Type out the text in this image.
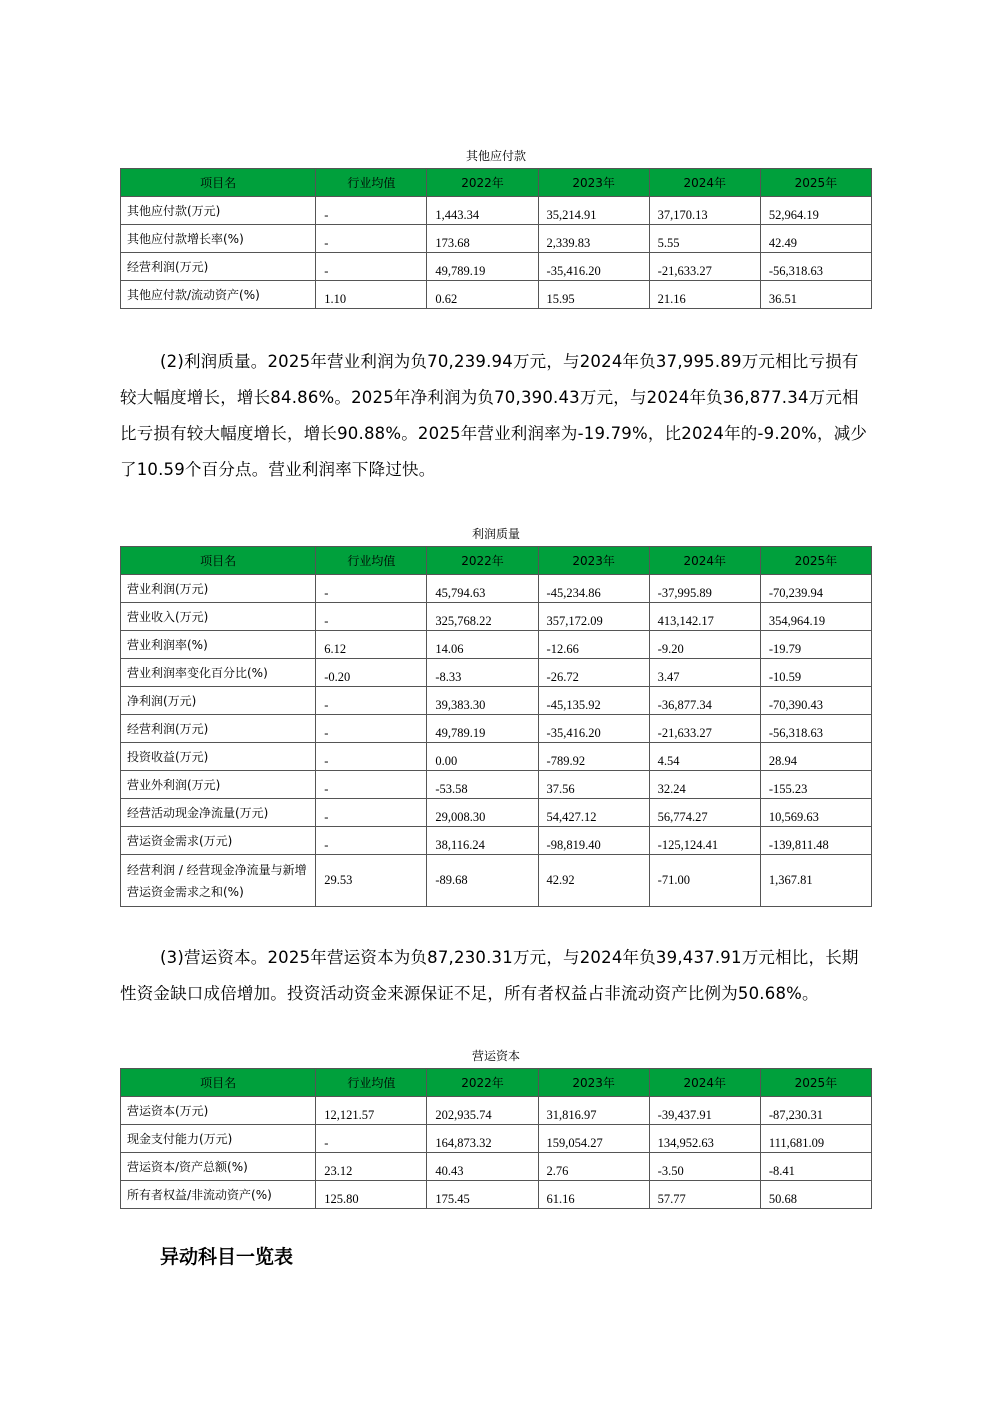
其他应付款
项目名	行业均值	2022年	2023年	2024年	2025年
其他应付款(万元)	-	1,443.34	35,214.91	37,170.13	52,964.19
其他应付款增长率(%)	-	173.68	2,339.83	5.55	42.49
经营利润(万元)	-	49,789.19	-35,416.20	-21,633.27	-56,318.63
其他应付款/流动资产(%)	1.10	0.62	15.95	21.16	36.51

(2)利润质量。2025年营业利润为负70,239.94万元，与2024年负37,995.89万元相比亏损有较大幅度增长，增长84.86%。2025年净利润为负70,390.43万元，与2024年负36,877.34万元相比亏损有较大幅度增长，增长90.88%。2025年营业利润率为-19.79%，比2024年的-9.20%，减少了10.59个百分点。营业利润率下降过快。

利润质量
项目名	行业均值	2022年	2023年	2024年	2025年
营业利润(万元)	-	45,794.63	-45,234.86	-37,995.89	-70,239.94
营业收入(万元)	-	325,768.22	357,172.09	413,142.17	354,964.19
营业利润率(%)	6.12	14.06	-12.66	-9.20	-19.79
营业利润率变化百分比(%)	-0.20	-8.33	-26.72	3.47	-10.59
净利润(万元)	-	39,383.30	-45,135.92	-36,877.34	-70,390.43
经营利润(万元)	-	49,789.19	-35,416.20	-21,633.27	-56,318.63
投资收益(万元)	-	0.00	-789.92	4.54	28.94
营业外利润(万元)	-	-53.58	37.56	32.24	-155.23
经营活动现金净流量(万元)	-	29,008.30	54,427.12	56,774.27	10,569.63
营运资金需求(万元)	-	38,116.24	-98,819.40	-125,124.41	-139,811.48
经营利润 / 经营现金净流量与新增营运资金需求之和(%)	29.53	-89.68	42.92	-71.00	1,367.81

(3)营运资本。2025年营运资本为负87,230.31万元，与2024年负39,437.91万元相比，长期性资金缺口成倍增加。投资活动资金来源保证不足，所有者权益占非流动资产比例为50.68%。

营运资本
项目名	行业均值	2022年	2023年	2024年	2025年
营运资本(万元)	12,121.57	202,935.74	31,816.97	-39,437.91	-87,230.31
现金支付能力(万元)	-	164,873.32	159,054.27	134,952.63	111,681.09
营运资本/资产总额(%)	23.12	40.43	2.76	-3.50	-8.41
所有者权益/非流动资产(%)	125.80	175.45	61.16	57.77	50.68
异动科目一览表
